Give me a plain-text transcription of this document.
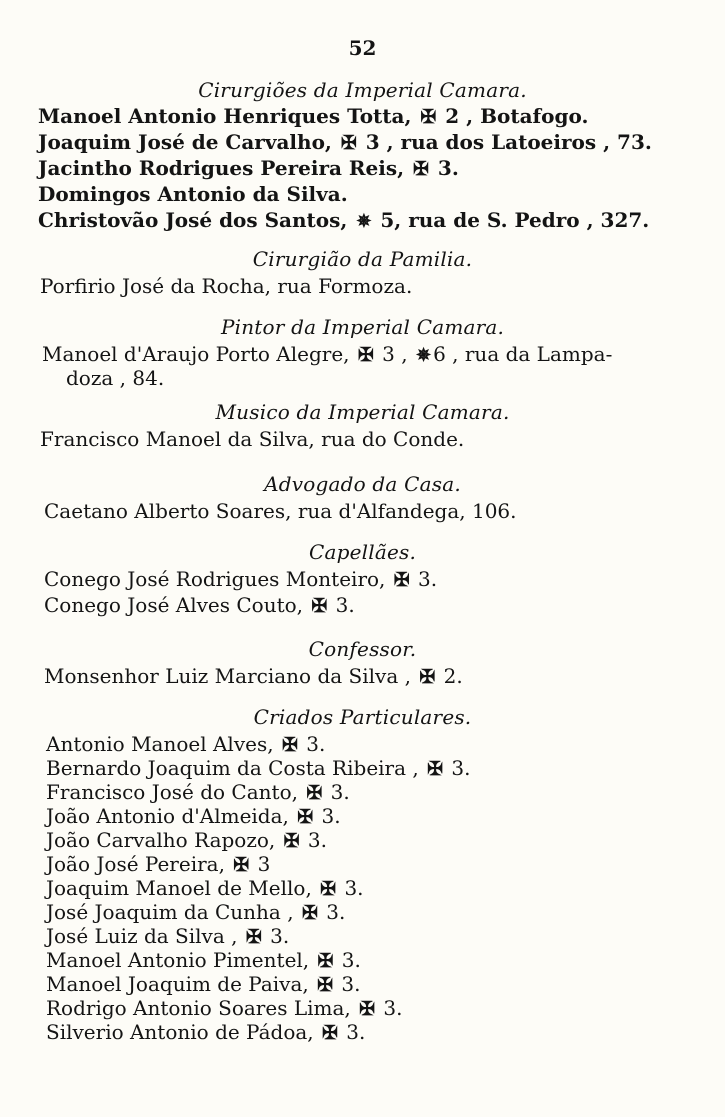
52
Cirurgiões da Imperial Camara.
Manoel Antonio Henriques Totta, ✠ 2 , Botafogo.
Joaquim José de Carvalho, ✠ 3 , rua dos Latoeiros , 73.
Jacintho Rodrigues Pereira Reis, ✠ 3.
Domingos Antonio da Silva.
Christovão José dos Santos, ✵ 5, rua de S. Pedro , 327.
Cirurgião da Pamilia.
Porfirio José da Rocha, rua Formoza.
Pintor da Imperial Camara.
Manoel d'Araujo Porto Alegre, ✠ 3 , ✵ 6 , rua da Lampa-
doza , 84.
Musico da Imperial Camara.
Francisco Manoel da Silva, rua do Conde.
Advogado da Casa.
Caetano Alberto Soares, rua d'Alfandega, 106.
Capellães.
Conego José Rodrigues Monteiro, ✠ 3.
Conego José Alves Couto, ✠ 3.
Confessor.
Monsenhor Luiz Marciano da Silva , ✠ 2.
Criados Particulares.
Antonio Manoel Alves, ✠ 3.
Bernardo Joaquim da Costa Ribeira , ✠ 3.
Francisco José do Canto, ✠ 3.
João Antonio d'Almeida, ✠ 3.
João Carvalho Rapozo, ✠ 3.
João José Pereira, ✠ 3
Joaquim Manoel de Mello, ✠ 3.
José Joaquim da Cunha , ✠ 3.
José Luiz da Silva , ✠ 3.
Manoel Antonio Pimentel, ✠ 3.
Manoel Joaquim de Paiva, ✠ 3.
Rodrigo Antonio Soares Lima, ✠ 3.
Silverio Antonio de Pádoa, ✠ 3.
